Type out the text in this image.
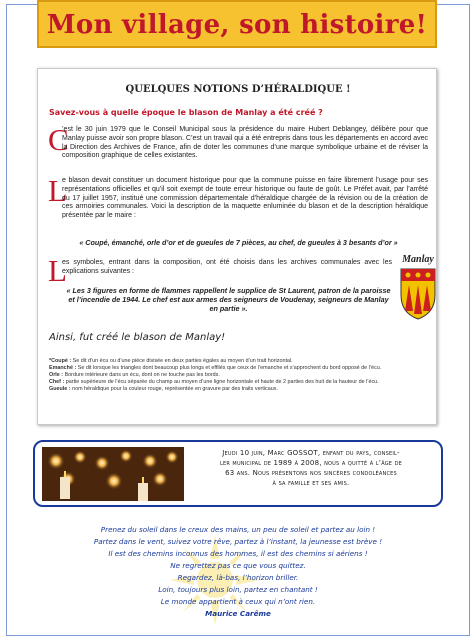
Mon village, son histoire!
QUELQUES NOTIONS D’HÉRALDIQUE !
Savez-vous à quelle époque le blason de Manlay a été créé ?
C
’est le 30 juin 1979 que le Conseil Municipal sous la présidence du maire Hubert Deblangey, délibère pour que Manlay puisse avoir son propre blason. C’est un travail qui a été entrepris dans tous les départements en accord avec la Direction des Archives de France, afin de doter les communes d’une marque symbolique urbaine et de réviser la composition graphique de celles existantes.
L
e blason devait constituer un document historique pour que la commune puisse en faire librement l’usage pour ses représentations officielles et qu’il soit exempt de toute erreur historique ou faute de goût. Le Préfet avait, par l’arrêté du 17 juillet 1957, institué une commission départementale d’héraldique chargée de la révision ou de la création de ces armoiries communales. Voici la description de la maquette enluminée du blason et de la description héraldique présentée par le maire :
« Coupé, émanché, orle d’or et de gueules de 7 pièces, au chef, de gueules à 3 besants d’or »
L
es symboles, entrant dans la composition, ont été choisis dans les archives communales avec les explications suivantes :
« Les 3 figures en forme de flammes rappellent le supplice de St Laurent, patron de la paroisse et l’incendie de 1944. Le chef est aux armes des seigneurs de Voudenay, seigneurs de Manlay en partie ».
Manlay
Ainsi, fut créé le blason de Manlay!
*Coupé : Se dit d’un écu ou d’une pièce divisée en deux parties égales au moyen d’un trait horizontal.
Emanché : Se dit lorsque les triangles dont beaucoup plus longs et effilés que ceux de l’emanche et s’approchent du bord opposé de l’écu.
Orle : Bordure intérieure dans un écu, dont on ne touche pas les bords.
Chef : partie supérieure de l’écu séparée du champ au moyen d’une ligne horizontale et haute de 2 parties des huit de la hauteur de l’écu.
Gueule : nom héraldique pour la couleur rouge, représentée en gravure par des traits verticaux.
Jeudi 10 juin, Marc GOSSOT, enfant du pays, conseil-
ler municipal de 1989 à 2008, nous a quitté à l’âge de
63 ans. Nous présentons nos sincères condoléances
à sa famille et ses amis.
Prenez du soleil dans le creux des mains, un peu de soleil et partez au loin !
Partez dans le vent, suivez votre rêve, partez à l’instant, la jeunesse est brève !
Il est des chemins inconnus des hommes, il est des chemins si aériens !
Ne regrettez pas ce que vous quittez.
Regardez, là-bas, l’horizon briller.
Loin, toujours plus loin, partez en chantant !
Le monde appartient à ceux qui n’ont rien.
Maurice Carême
